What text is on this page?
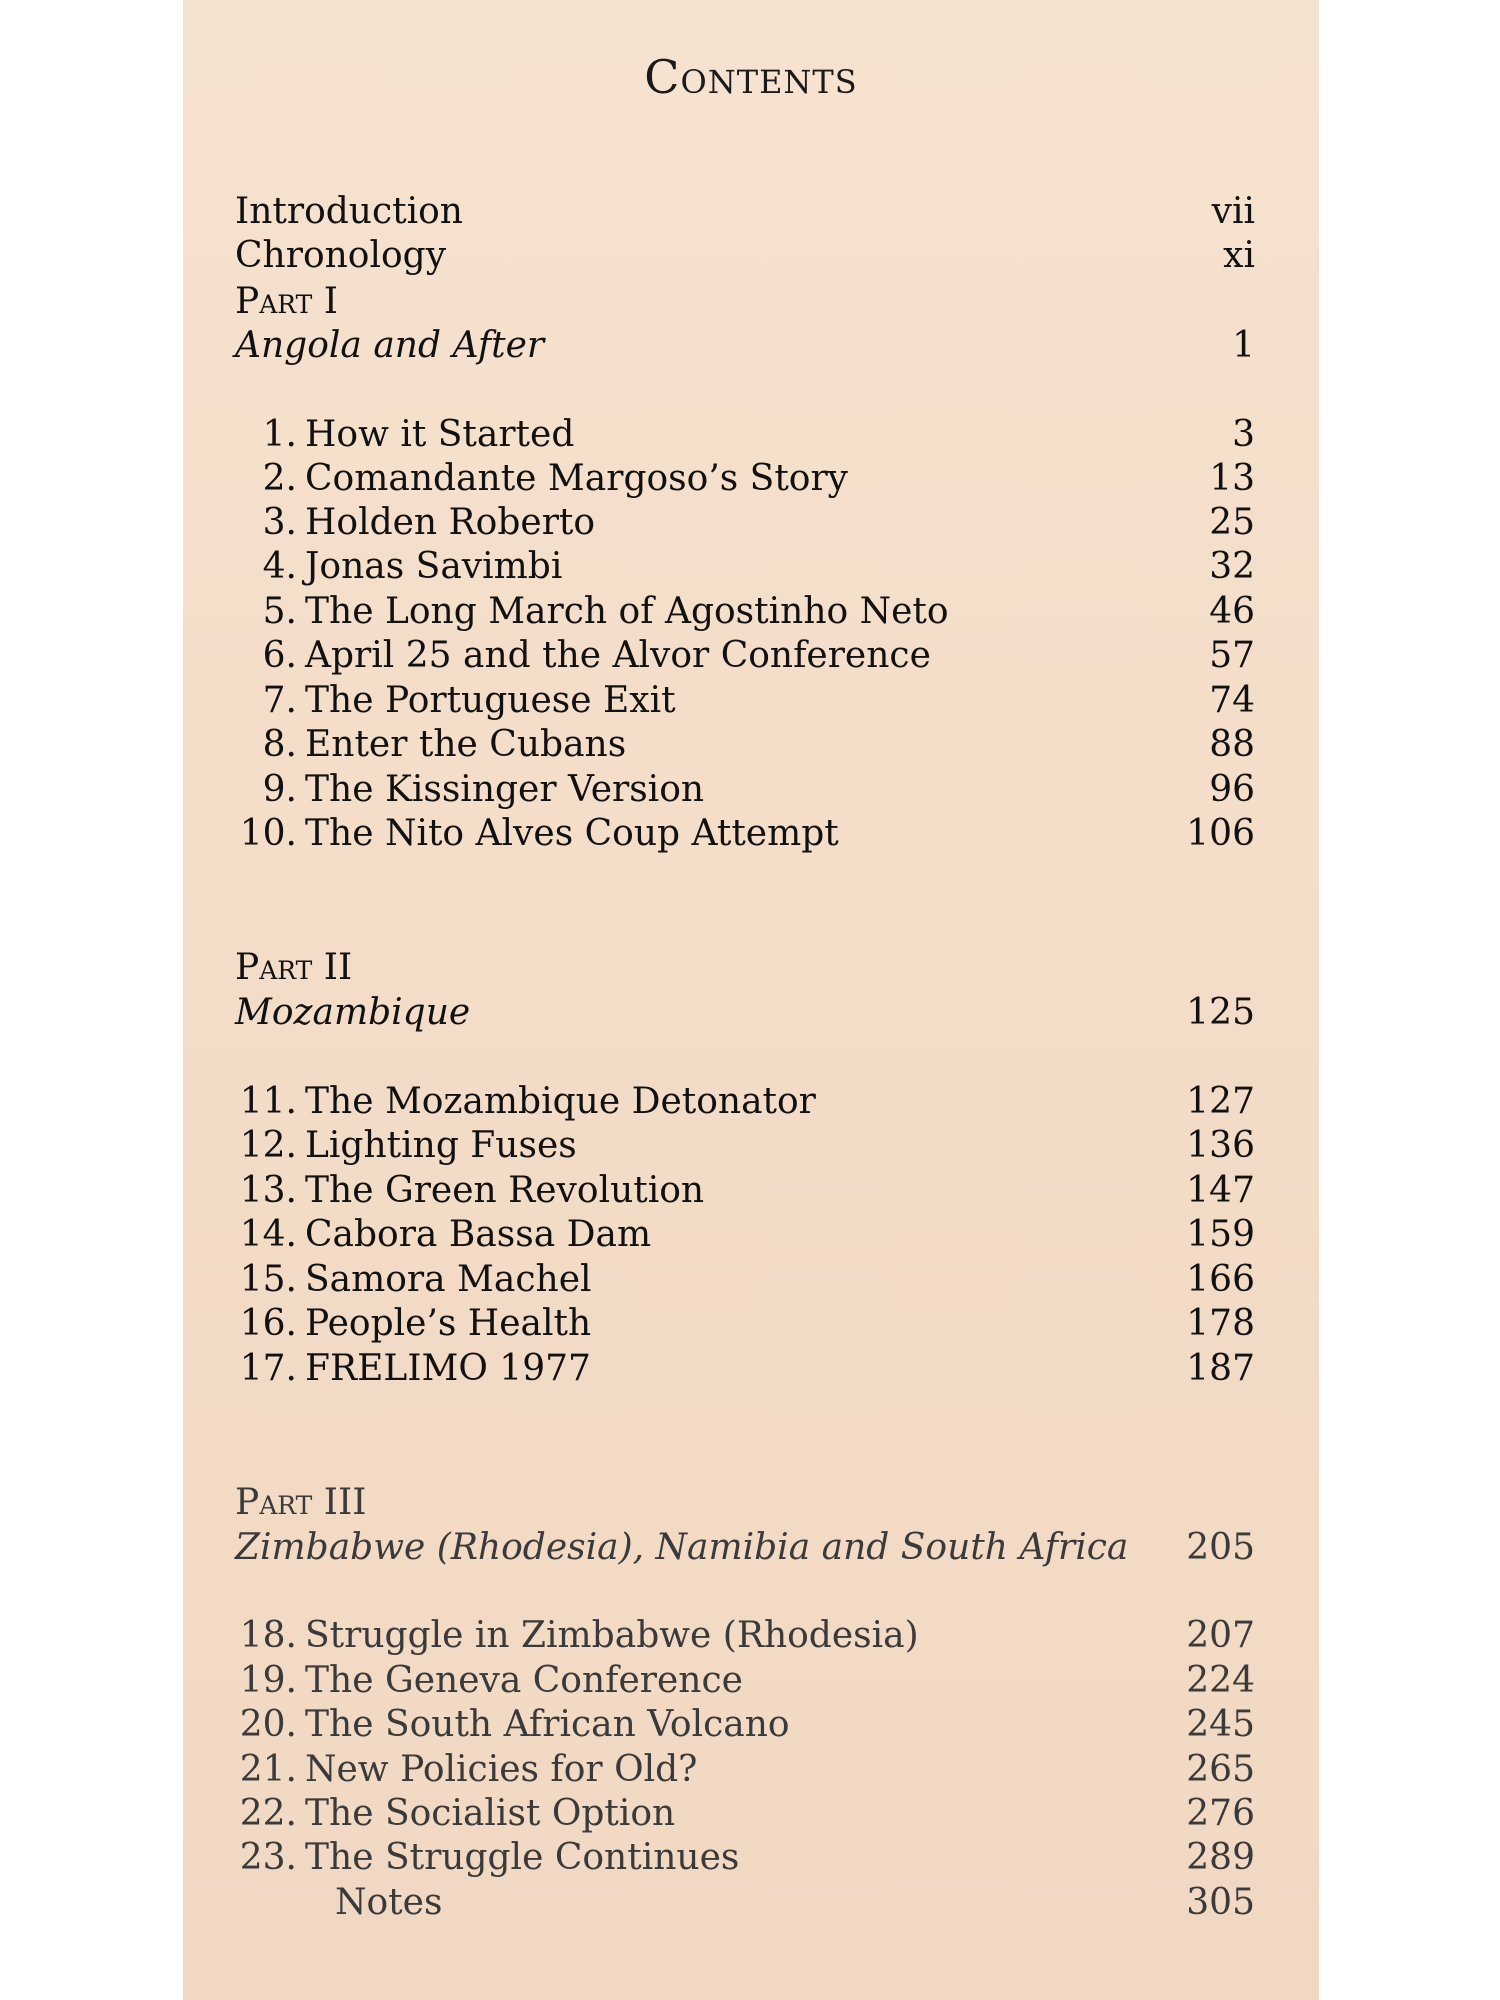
Contents
Introduction	vii
Chronology	xi
Part I
Angola and After	1
1. How it Started	3
2. Comandante Margoso’s Story	13
3. Holden Roberto	25
4. Jonas Savimbi	32
5. The Long March of Agostinho Neto	46
6. April 25 and the Alvor Conference	57
7. The Portuguese Exit	74
8. Enter the Cubans	88
9. The Kissinger Version	96
10. The Nito Alves Coup Attempt	106
Part II
Mozambique	125
11. The Mozambique Detonator	127
12. Lighting Fuses	136
13. The Green Revolution	147
14. Cabora Bassa Dam	159
15. Samora Machel	166
16. People’s Health	178
17. FRELIMO 1977	187
Part III
Zimbabwe (Rhodesia), Namibia and South Africa 205
18. Struggle in Zimbabwe (Rhodesia)	207
19. The Geneva Conference	224
20. The South African Volcano	245
21. New Policies for Old?	265
22. The Socialist Option	276
23. The Struggle Continues	289
Notes	305
